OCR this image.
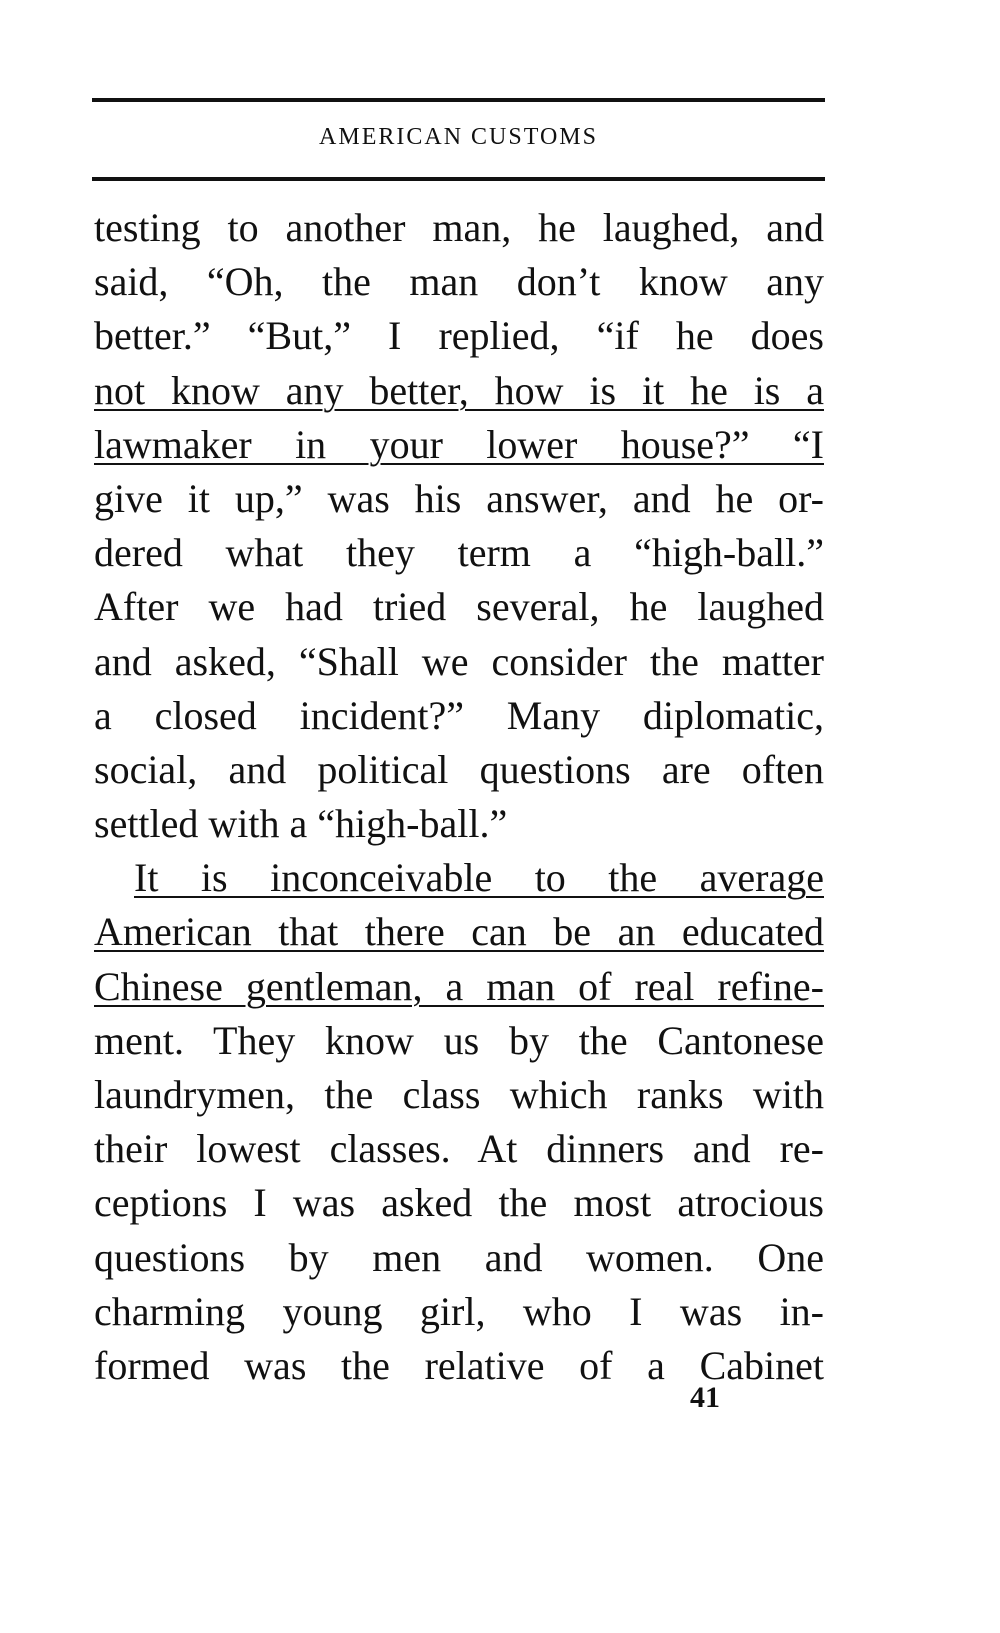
AMERICAN CUSTOMS
testing to another man, he laughed, and
said, “Oh, the man don’t know any
better.” “But,” I replied, “if he does
not know any better, how is it he is a
lawmaker in your lower house?” “I
give it up,” was his answer, and he or-
dered what they term a “high-ball.”
After we had tried several, he laughed
and asked, “Shall we consider the matter
a closed incident?” Many diplomatic,
social, and political questions are often
settled with a “high-ball.”
It is inconceivable to the average
American that there can be an educated
Chinese gentleman, a man of real refine-
ment. They know us by the Cantonese
laundrymen, the class which ranks with
their lowest classes. At dinners and re-
ceptions I was asked the most atrocious
questions by men and women. One
charming young girl, who I was in-
formed was the relative of a Cabinet
41
